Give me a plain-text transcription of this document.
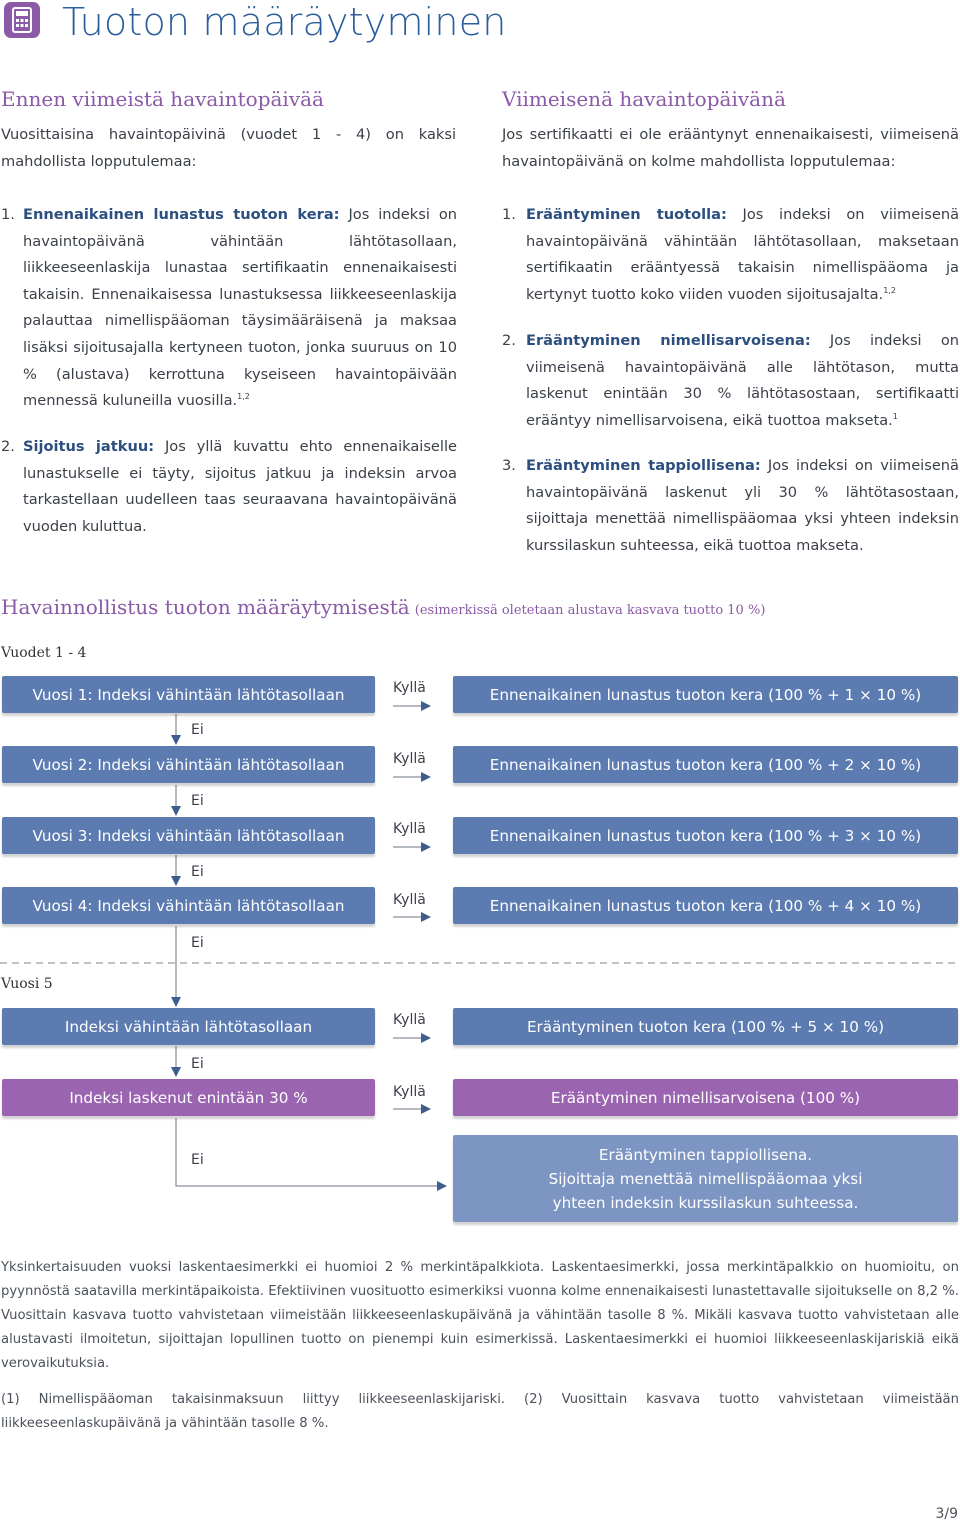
Tuoton määräytyminen
Ennen viimeistä havaintopäivää
Vuosittaisina havaintopäivinä (vuodet 1 - 4) on kaksi mahdollista lopputulemaa:
1. Ennenaikainen lunastus tuoton kera: Jos indeksi on havaintopäivänä vähintään lähtötasollaan, liikkeeseenlaskija lunastaa sertifikaatin ennenaikaisesti takaisin. Ennenaikaisessa lunastuksessa liikkeeseenlaskija palauttaa nimellispääoman täysimääräisenä ja maksaa lisäksi sijoitusajalla kertyneen tuoton, jonka suuruus on 10 % (alustava) kerrottuna kyseiseen havaintopäivään mennessä kuluneilla vuosilla.$^{1,2}$
2. Sijoitus jatkuu: Jos yllä kuvattu ehto ennenaikaiselle lunastukselle ei täyty, sijoitus jatkuu ja indeksin arvoa tarkastellaan uudelleen taas seuraavana havaintopäivänä vuoden kuluttua.
Viimeisenä havaintopäivänä
Jos sertifikaatti ei ole erääntynyt ennenaikaisesti, viimeisenä havaintopäivänä on kolme mahdollista lopputulemaa:
1. Erääntyminen tuotolla: Jos indeksi on viimeisenä havaintopäivänä vähintään lähtötasollaan, maksetaan sertifikaatin erääntyessä takaisin nimellispääoma ja kertynyt tuotto koko viiden vuoden sijoitusajalta.$^{1,2}$
2. Erääntyminen nimellisarvoisena: Jos indeksi on viimeisenä havaintopäivänä alle lähtötason, mutta laskenut enintään 30 % lähtötasostaan, sertifikaatti erääntyy nimellisarvoisena, eikä tuottoa makseta.$^1$
3. Erääntyminen tappiollisena: Jos indeksi on viimeisenä havaintopäivänä laskenut yli 30 % lähtötasostaan, sijoittaja menettää nimellispääomaa yksi yhteen indeksin kurssilaskun suhteessa, eikä tuottoa makseta.
Havainnollistus tuoton määräytymisestä (esimerkissä oletetaan alustava kasvava tuotto 10 %)
Vuodet 1 - 4
Vuosi 1: Indeksi vähintään lähtötasollaan
Vuosi 2: Indeksi vähintään lähtötasollaan
Vuosi 3: Indeksi vähintään lähtötasollaan
Vuosi 4: Indeksi vähintään lähtötasollaan
Indeksi vähintään lähtötasollaan
Indeksi laskenut enintään 30 %
Ennenaikainen lunastus tuoton kera (100 % + 1 × 10 %)
Ennenaikainen lunastus tuoton kera (100 % + 2 × 10 %)
Ennenaikainen lunastus tuoton kera (100 % + 3 × 10 %)
Ennenaikainen lunastus tuoton kera (100 % + 4 × 10 %)
Erääntyminen tuoton kera (100 % + 5 × 10 %)
Erääntyminen nimellisarvoisena (100 %)
Erääntyminen tappiollisena.
Sijoittaja menettää nimellispääomaa yksi
yhteen indeksin kurssilaskun suhteessa.
Kyllä
Kyllä
Kyllä
Kyllä
Kyllä
Kyllä
Ei
Ei
Ei
Ei
Ei
Ei
Vuosi 5
Yksinkertaisuuden vuoksi laskentaesimerkki ei huomioi 2 % merkintäpalkkiota. Laskentaesimerkki, jossa merkintäpalkkio on huomioitu, on pyynnöstä saatavilla merkintäpaikoista. Efektiivinen vuosituotto esimerkiksi vuonna kolme ennenaikaisesti lunastettavalle sijoitukselle on 8,2 %. Vuosittain kasvava tuotto vahvistetaan viimeistään liikkeeseenlaskupäivänä ja vähintään tasolle 8 %. Mikäli kasvava tuotto vahvistetaan alle alustavasti ilmoitetun, sijoittajan lopullinen tuotto on pienempi kuin esimerkissä. Laskentaesimerkki ei huomioi liikkeeseenlaskijariskiä eikä verovaikutuksia.
(1) Nimellispääoman takaisinmaksuun liittyy liikkeeseenlaskijariski. (2) Vuosittain kasvava tuotto vahvistetaan viimeistään liikkeeseenlaskupäivänä ja vähintään tasolle 8 %.
3/9
